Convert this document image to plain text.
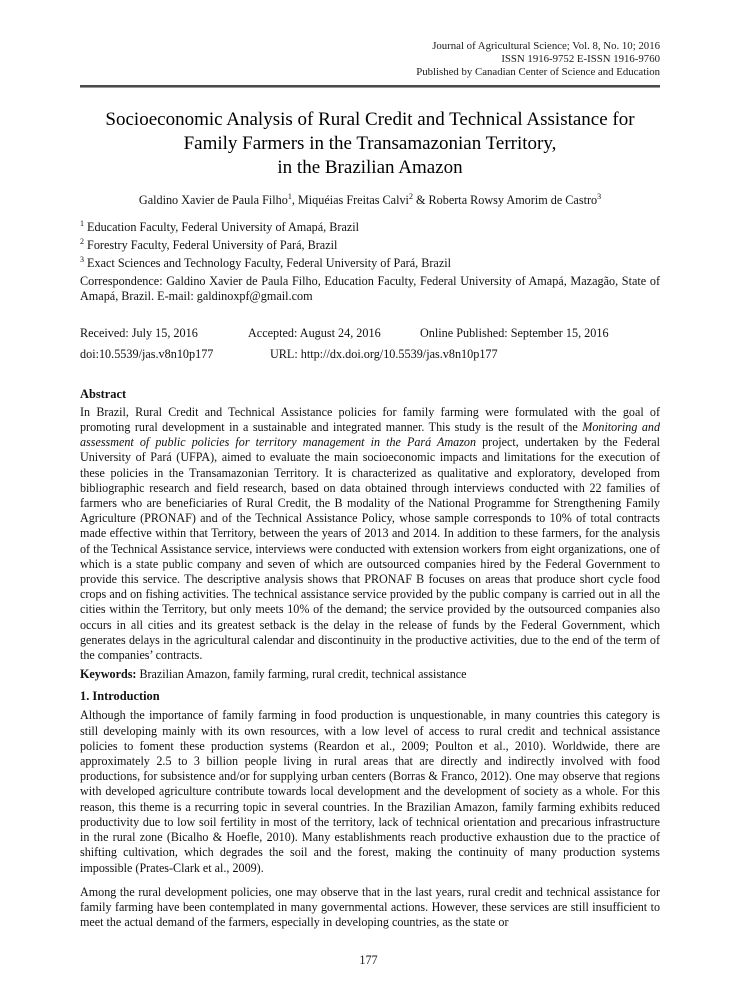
Journal of Agricultural Science; Vol. 8, No. 10; 2016
ISSN 1916-9752 E-ISSN 1916-9760
Published by Canadian Center of Science and Education
Socioeconomic Analysis of Rural Credit and Technical Assistance for
Family Farmers in the Transamazonian Territory,
in the Brazilian Amazon
Galdino Xavier de Paula Filho$^1$, Miquéias Freitas Calvi$^2$ & Roberta Rowsy Amorim de Castro$^3$
$^1$ Education Faculty, Federal University of Amapá, Brazil
$^2$ Forestry Faculty, Federal University of Pará, Brazil
$^3$ Exact Sciences and Technology Faculty, Federal University of Pará, Brazil
Correspondence: Galdino Xavier de Paula Filho, Education Faculty, Federal University of Amapá, Mazagão, State of Amapá, Brazil. E-mail: galdinoxpf@gmail.com
Received: July 15, 2016	Accepted: August 24, 2016	Online Published: September 15, 2016
doi:10.5539/jas.v8n10p177	URL: http://dx.doi.org/10.5539/jas.v8n10p177
Abstract
In Brazil, Rural Credit and Technical Assistance policies for family farming were formulated with the goal of promoting rural development in a sustainable and integrated manner. This study is the result of the Monitoring and assessment of public policies for territory management in the Pará Amazon project, undertaken by the Federal University of Pará (UFPA), aimed to evaluate the main socioeconomic impacts and limitations for the execution of these policies in the Transamazonian Territory. It is characterized as qualitative and exploratory, developed from bibliographic research and field research, based on data obtained through interviews conducted with 22 families of farmers who are beneficiaries of Rural Credit, the B modality of the National Programme for Strengthening Family Agriculture (PRONAF) and of the Technical Assistance Policy, whose sample corresponds to 10% of total contracts made effective within that Territory, between the years of 2013 and 2014. In addition to these farmers, for the analysis of the Technical Assistance service, interviews were conducted with extension workers from eight organizations, one of which is a state public company and seven of which are outsourced companies hired by the Federal Government to provide this service. The descriptive analysis shows that PRONAF B focuses on areas that produce short cycle food crops and on fishing activities. The technical assistance service provided by the public company is carried out in all the cities within the Territory, but only meets 10% of the demand; the service provided by the outsourced companies also occurs in all cities and its greatest setback is the delay in the release of funds by the Federal Government, which generates delays in the agricultural calendar and discontinuity in the productive activities, due to the end of the term of the companies’ contracts.
Keywords: Brazilian Amazon, family farming, rural credit, technical assistance
1. Introduction
Although the importance of family farming in food production is unquestionable, in many countries this category is still developing mainly with its own resources, with a low level of access to rural credit and technical assistance policies to foment these production systems (Reardon et al., 2009; Poulton et al., 2010). Worldwide, there are approximately 2.5 to 3 billion people living in rural areas that are directly and indirectly involved with food productions, for subsistence and/or for supplying urban centers (Borras & Franco, 2012). One may observe that regions with developed agriculture contribute towards local development and the development of society as a whole. For this reason, this theme is a recurring topic in several countries. In the Brazilian Amazon, family farming exhibits reduced productivity due to low soil fertility in most of the territory, lack of technical orientation and precarious infrastructure in the rural zone (Bicalho & Hoefle, 2010). Many establishments reach productive exhaustion due to the practice of shifting cultivation, which degrades the soil and the forest, making the continuity of many production systems impossible (Prates-Clark et al., 2009).
Among the rural development policies, one may observe that in the last years, rural credit and technical assistance for family farming have been contemplated in many governmental actions. However, these services are still insufficient to meet the actual demand of the farmers, especially in developing countries, as the state or
177
